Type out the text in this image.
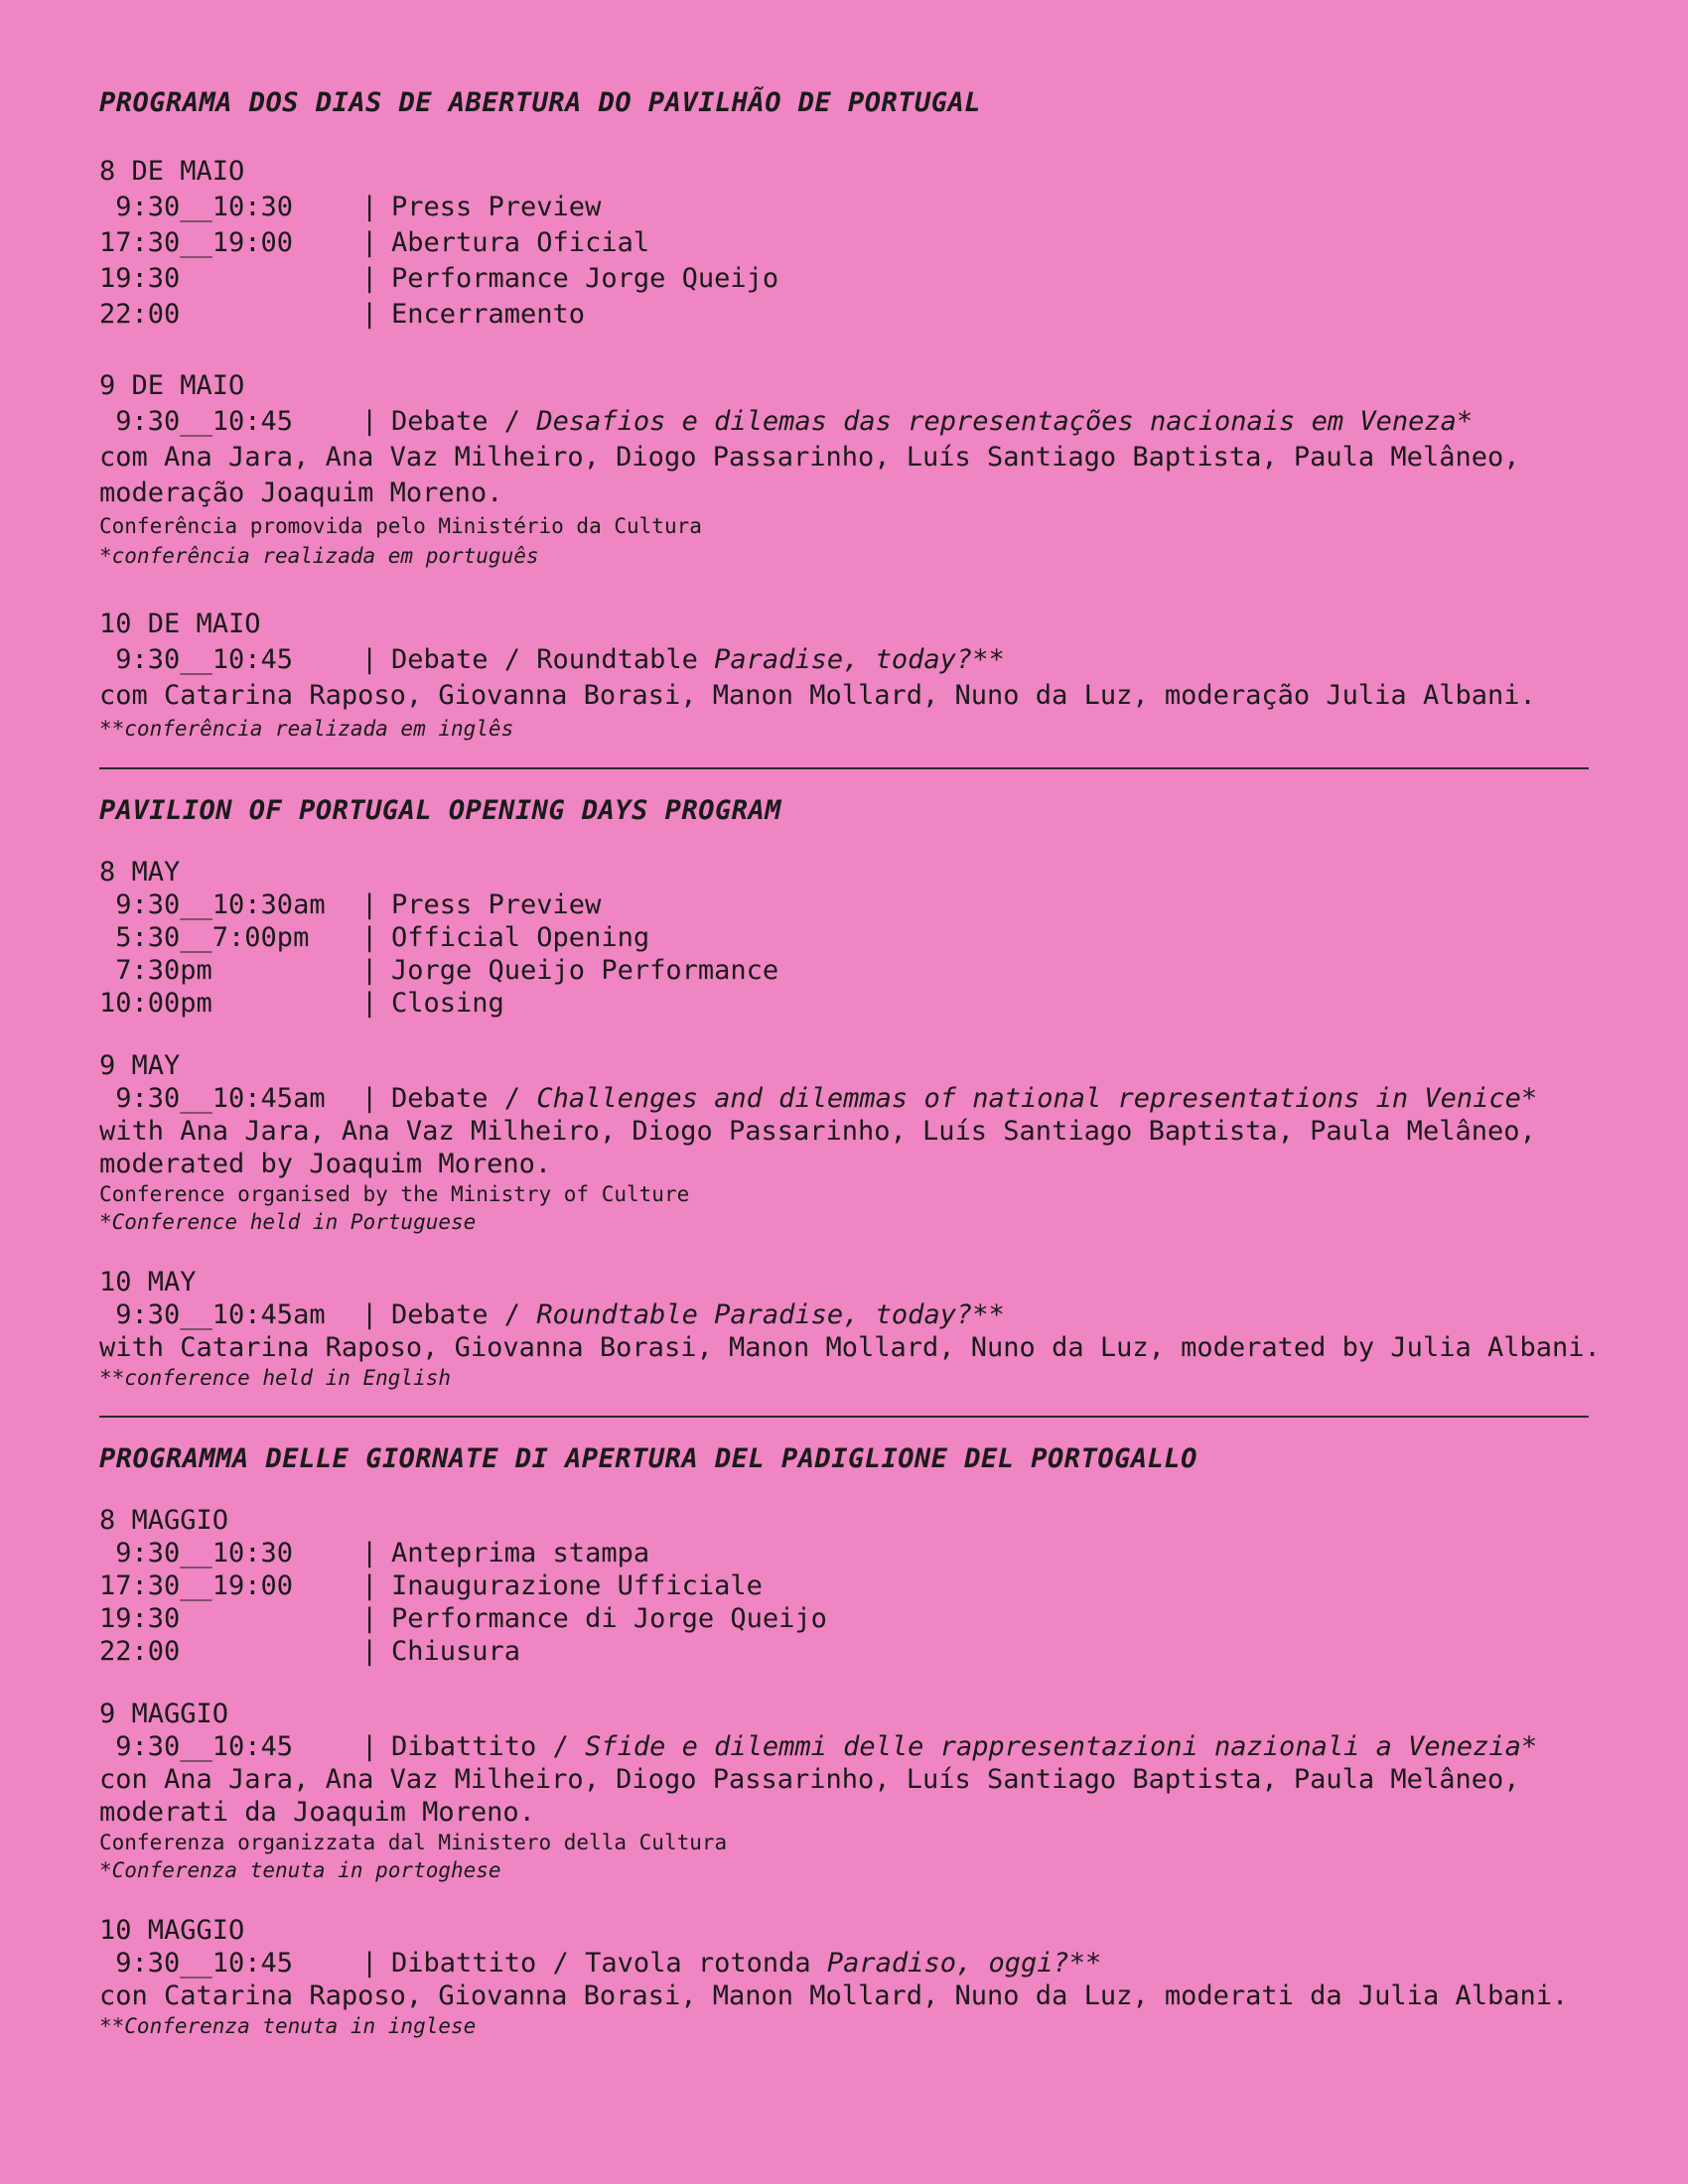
PROGRAMA DOS DIAS DE ABERTURA DO PAVILHÃO DE PORTUGAL
8 DE MAIO
9:30__10:30	| Press Preview
17:30__19:00	| Abertura Oficial
19:30	| Performance Jorge Queijo
22:00	| Encerramento
9 DE MAIO
9:30__10:45	| Debate / Desafios e dilemas das representações nacionais em Veneza*
com Ana Jara, Ana Vaz Milheiro, Diogo Passarinho, Luís Santiago Baptista, Paula Melâneo,
moderação Joaquim Moreno.
Conferência promovida pelo Ministério da Cultura
*conferência realizada em português
10 DE MAIO
9:30__10:45	| Debate / Roundtable Paradise, today?**
com Catarina Raposo, Giovanna Borasi, Manon Mollard, Nuno da Luz, moderação Julia Albani.
**conferência realizada em inglês
PAVILION OF PORTUGAL OPENING DAYS PROGRAM
8 MAY
9:30__10:30am	| Press Preview
5:30__7:00pm	| Official Opening
7:30pm	| Jorge Queijo Performance
10:00pm	| Closing
9 MAY
9:30__10:45am	| Debate / Challenges and dilemmas of national representations in Venice*
with Ana Jara, Ana Vaz Milheiro, Diogo Passarinho, Luís Santiago Baptista, Paula Melâneo,
moderated by Joaquim Moreno.
Conference organised by the Ministry of Culture
*Conference held in Portuguese
10 MAY
9:30__10:45am	| Debate / Roundtable Paradise, today?**
with Catarina Raposo, Giovanna Borasi, Manon Mollard, Nuno da Luz, moderated by Julia Albani.
**conference held in English
PROGRAMMA DELLE GIORNATE DI APERTURA DEL PADIGLIONE DEL PORTOGALLO
8 MAGGIO
9:30__10:30	| Anteprima stampa
17:30__19:00	| Inaugurazione Ufficiale
19:30	| Performance di Jorge Queijo
22:00	| Chiusura
9 MAGGIO
9:30__10:45	| Dibattito / Sfide e dilemmi delle rappresentazioni nazionali a Venezia*
con Ana Jara, Ana Vaz Milheiro, Diogo Passarinho, Luís Santiago Baptista, Paula Melâneo,
moderati da Joaquim Moreno.
Conferenza organizzata dal Ministero della Cultura
*Conferenza tenuta in portoghese
10 MAGGIO
9:30__10:45	| Dibattito / Tavola rotonda Paradiso, oggi?**
con Catarina Raposo, Giovanna Borasi, Manon Mollard, Nuno da Luz, moderati da Julia Albani.
**Conferenza tenuta in inglese
